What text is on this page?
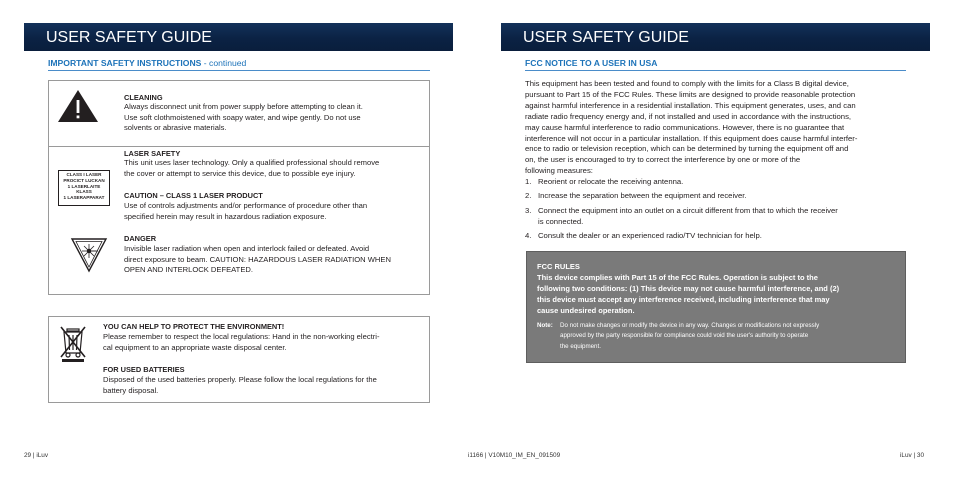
USER SAFETY GUIDE
IMPORTANT SAFETY INSTRUCTIONS - continued
CLEANING
Always disconnect unit from power supply before attempting to clean it.
Use soft clothmoistened with soapy water, and wipe gently. Do not use
solvents or abrasive materials.
CLASS I LASER
PROCICT LUCKAN
1 LASERLAITE
KLASS
1 LASERAPPARAT
LASER SAFETY
This unit uses laser technology. Only a qualified professional should remove
the cover or attempt to service this device, due to possible eye injury.
CAUTION – CLASS 1 LASER PRODUCT
Use of controls adjustments and/or performance of procedure other than
specified herein may result in hazardous radiation exposure.
DANGER
Invisible laser radiation when open and interlock failed or defeated. Avoid
direct exposure to beam. CAUTION: HAZARDOUS LASER RADIATION WHEN
OPEN AND INTERLOCK DEFEATED.
YOU CAN HELP TO PROTECT THE ENVIRONMENT!
Please remember to respect the local regulations: Hand in the non-working electri-
cal equipment to an appropriate waste disposal center.
FOR USED BATTERIES
Disposed of the used batteries properly. Please follow the local regulations for the
battery disposal.
29 | iLuv	i1166 | V10M10_IM_EN_091509
USER SAFETY GUIDE
FCC NOTICE TO A USER IN USA
This equipment has been tested and found to comply with the limits for a Class B digital device,
pursuant to Part 15 of the FCC Rules. These limits are designed to provide reasonable protection
against harmful interference in a residential installation. This equipment generates, uses, and can
radiate radio frequency energy and, if not installed and used in accordance with the instructions,
may cause harmful interference to radio communications. However, there is no guarantee that
interference will not occur in a particular installation. If this equipment does cause harmful interfer-
ence to radio or television reception, which can be determined by turning the equipment off and
on, the user is encouraged to try to correct the interference by one or more of the
following measures:
1. Reorient or relocate the receiving antenna.
2. Increase the separation between the equipment and receiver.
3. Connect the equipment into an outlet on a circuit different from that to which the receiver
is connected.
4. Consult the dealer or an experienced radio/TV technician for help.
FCC RULES
This device complies with Part 15 of the FCC Rules. Operation is subject to the
following two conditions: (1) This device may not cause harmful interference, and (2)
this device must accept any interference received, including interference that may
cause undesired operation.
Note: Do not make changes or modify the device in any way. Changes or modifications not expressly
approved by the party responsible for compliance could void the user's authority to operate
the equipment.
iLuv | 30
